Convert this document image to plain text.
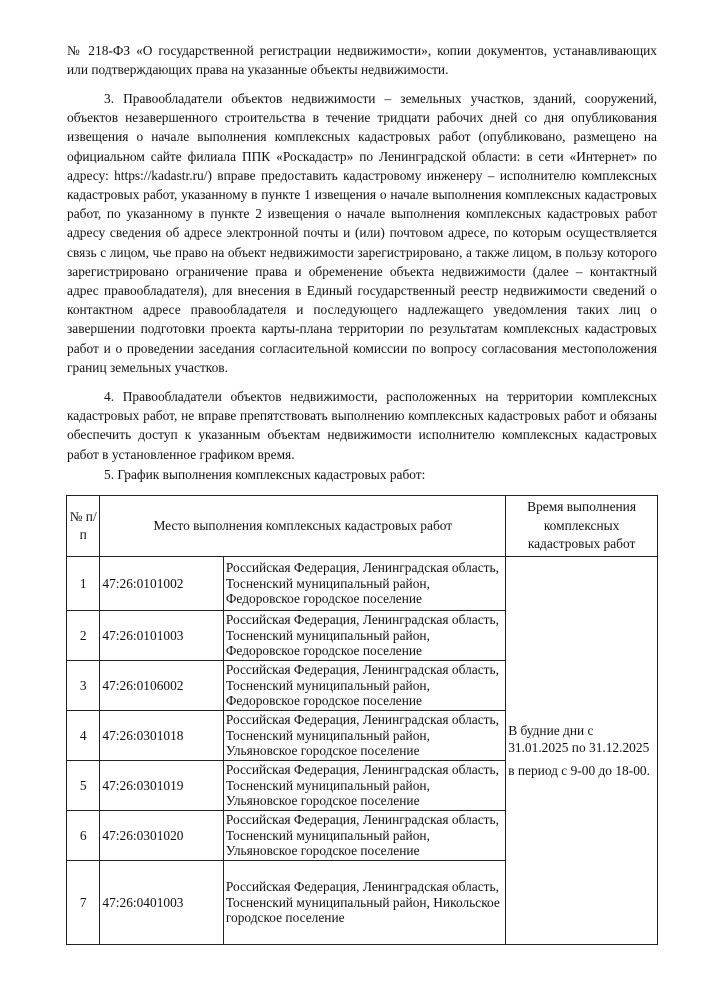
№ 218-ФЗ «О государственной регистрации недвижимости», копии документов, устанавливающих или подтверждающих права на указанные объекты недвижимости.

3. Правообладатели объектов недвижимости – земельных участков, зданий, сооружений, объектов незавершенного строительства в течение тридцати рабочих дней со дня опубликования извещения о начале выполнения комплексных кадастровых работ (опубликовано, размещено на официальном сайте филиала ППК «Роскадастр» по Ленинградской области: в сети «Интернет» по адресу: https://kadastr.ru/) вправе предоставить кадастровому инженеру – исполнителю комплексных кадастровых работ, указанному в пункте 1 извещения о начале выполнения комплексных кадастровых работ, по указанному в пункте 2 извещения о начале выполнения комплексных кадастровых работ адресу сведения об адресе электронной почты и (или) почтовом адресе, по которым осуществляется связь с лицом, чье право на объект недвижимости зарегистрировано, а также лицом, в пользу которого зарегистрировано ограничение права и обременение объекта недвижимости (далее – контактный адрес правообладателя), для внесения в Единый государственный реестр недвижимости сведений о контактном адресе правообладателя и последующего надлежащего уведомления таких лиц о завершении подготовки проекта карты-плана территории по результатам комплексных кадастровых работ и о проведении заседания согласительной комиссии по вопросу согласования местоположения границ земельных участков.

4. Правообладатели объектов недвижимости, расположенных на территории комплексных кадастровых работ, не вправе препятствовать выполнению комплексных кадастровых работ и обязаны обеспечить доступ к указанным объектам недвижимости исполнителю комплексных кадастровых работ в установленное графиком время.

5. График выполнения комплексных кадастровых работ:

№ п/п	Место выполнения комплексных кадастровых работ		Время выполнения комплексных кадастровых работ
1	47:26:0101002	Российская Федерация, Ленинградская область, Тосненский муниципальный район, Федоровское городское поселение	В будние дни с 31.01.2025 по 31.12.2025
в период с 9-00 до 18-00.

2	47:26:0101003	Российская Федерация, Ленинградская область, Тосненский муниципальный район, Федоровское городское поселение	
3	47:26:0106002	Российская Федерация, Ленинградская область, Тосненский муниципальный район, Федоровское городское поселение	
4	47:26:0301018	Российская Федерация, Ленинградская область, Тосненский муниципальный район, Ульяновское городское поселение	
5	47:26:0301019	Российская Федерация, Ленинградская область, Тосненский муниципальный район, Ульяновское городское поселение	
6	47:26:0301020	Российская Федерация, Ленинградская область, Тосненский муниципальный район, Ульяновское городское поселение	
7	47:26:0401003	Российская Федерация, Ленинградская область, Тосненский муниципальный район, Никольское городское поселение	
